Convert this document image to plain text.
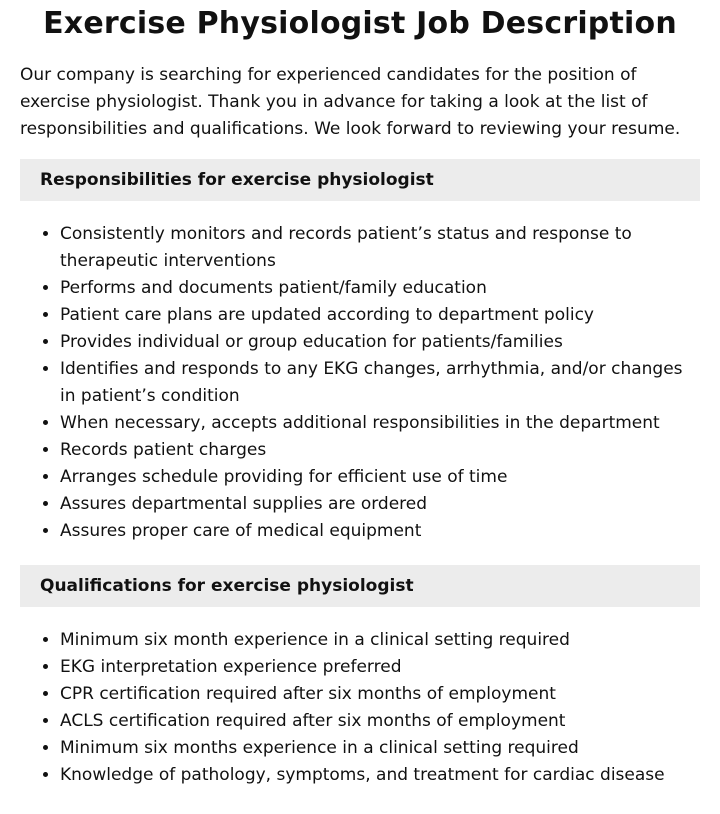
Exercise Physiologist Job Description

Our company is searching for experienced candidates for the position of exercise physiologist. Thank you in advance for taking a look at the list of responsibilities and qualifications. We look forward to reviewing your resume.

Responsibilities for exercise physiologist
• Consistently monitors and records patient’s status and response to therapeutic interventions
• Performs and documents patient/family education
• Patient care plans are updated according to department policy
• Provides individual or group education for patients/families
• Identifies and responds to any EKG changes, arrhythmia, and/or changes in patient’s condition
• When necessary, accepts additional responsibilities in the department
• Records patient charges
• Arranges schedule providing for efficient use of time
• Assures departmental supplies are ordered
• Assures proper care of medical equipment
Qualifications for exercise physiologist
• Minimum six month experience in a clinical setting required
• EKG interpretation experience preferred
• CPR certification required after six months of employment
• ACLS certification required after six months of employment
• Minimum six months experience in a clinical setting required
• Knowledge of pathology, symptoms, and treatment for cardiac disease
